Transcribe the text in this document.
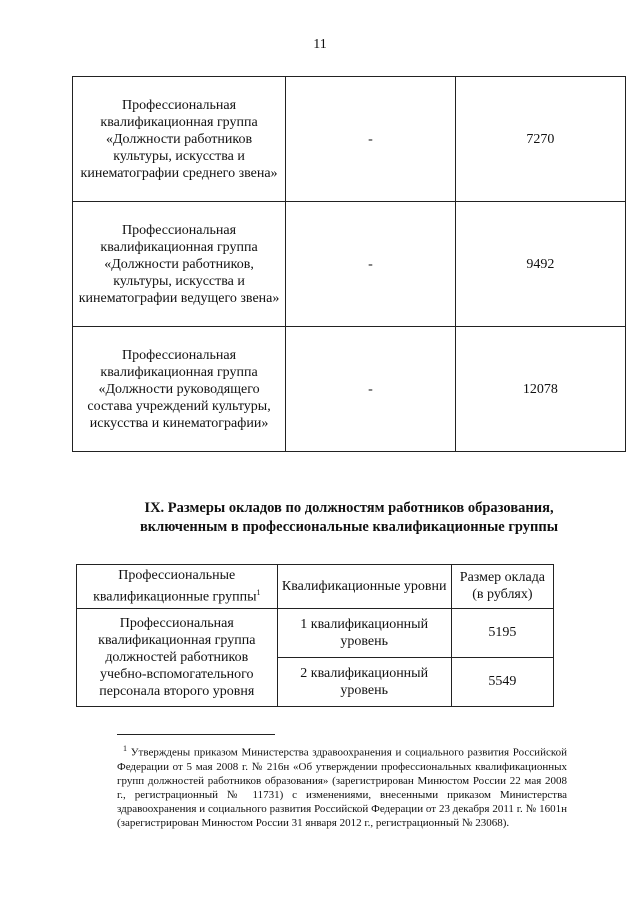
11
Профессиональная квалификационная группа «Должности работников культуры, искусства и кинематографии среднего звена»	-	7270
Профессиональная квалификационная группа «Должности работников, культуры, искусства и кинематографии ведущего звена»	-	9492
Профессиональная квалификационная группа «Должности руководящего состава учреждений культуры, искусства и кинематографии»	-	12078
IX. Размеры окладов по должностям работников образования,
включенным в профессиональные квалификационные группы
Профессиональные квалификационные группы$^1$	Квалификационные уровни	Размер оклада (в рублях)
Профессиональная квалификационная группа должностей работников учебно-вспомогательного персонала второго уровня	1 квалификационный уровень	5195
	2 квалификационный уровень	5549
$^1$ Утверждены приказом Министерства здравоохранения и социального развития Российской Федерации от 5 мая 2008 г. № 216н «Об утверждении профессиональных квалификационных групп должностей работников образования» (зарегистрирован Минюстом России 22 мая 2008 г., регистрационный № 11731) с изменениями, внесенными приказом Министерства здравоохранения и социального развития Российской Федерации от 23 декабря 2011 г. № 1601н (зарегистрирован Минюстом России 31 января 2012 г., регистрационный № 23068).
